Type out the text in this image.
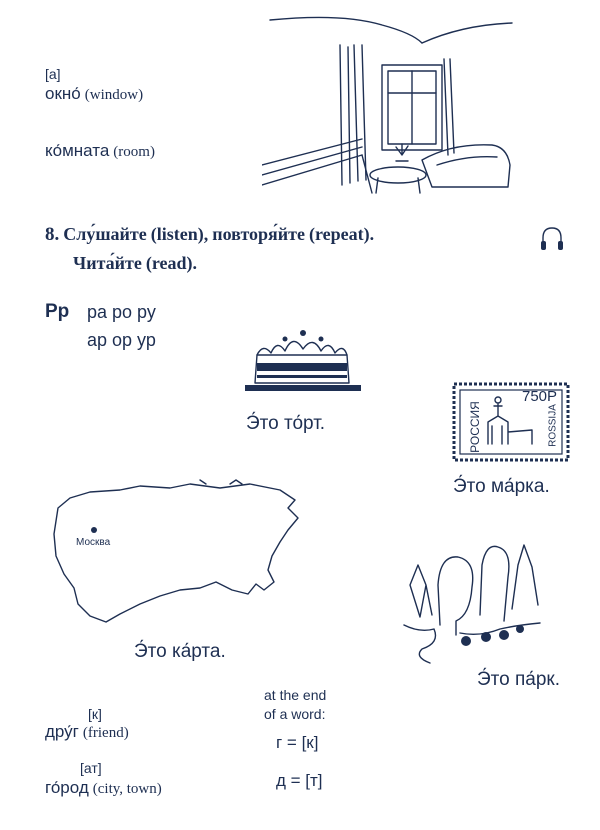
[a]
окно́ (window)
ко́мната (room)
8. Слу́шайте (listen), повторя́йте (repeat).
Чита́йте (read).
Рр ра ро ру
ар ор ур
Э́то то́рт.	РОССИЯ
750Р
ROSSIJA
Э́то ма́рка.
Москва
Э́то ка́рта.
Э́то па́рк.
[к]
дру́г (friend)
[ат]
го́род (city, town)
at the end
of a word:
г = [к]
д = [т]
